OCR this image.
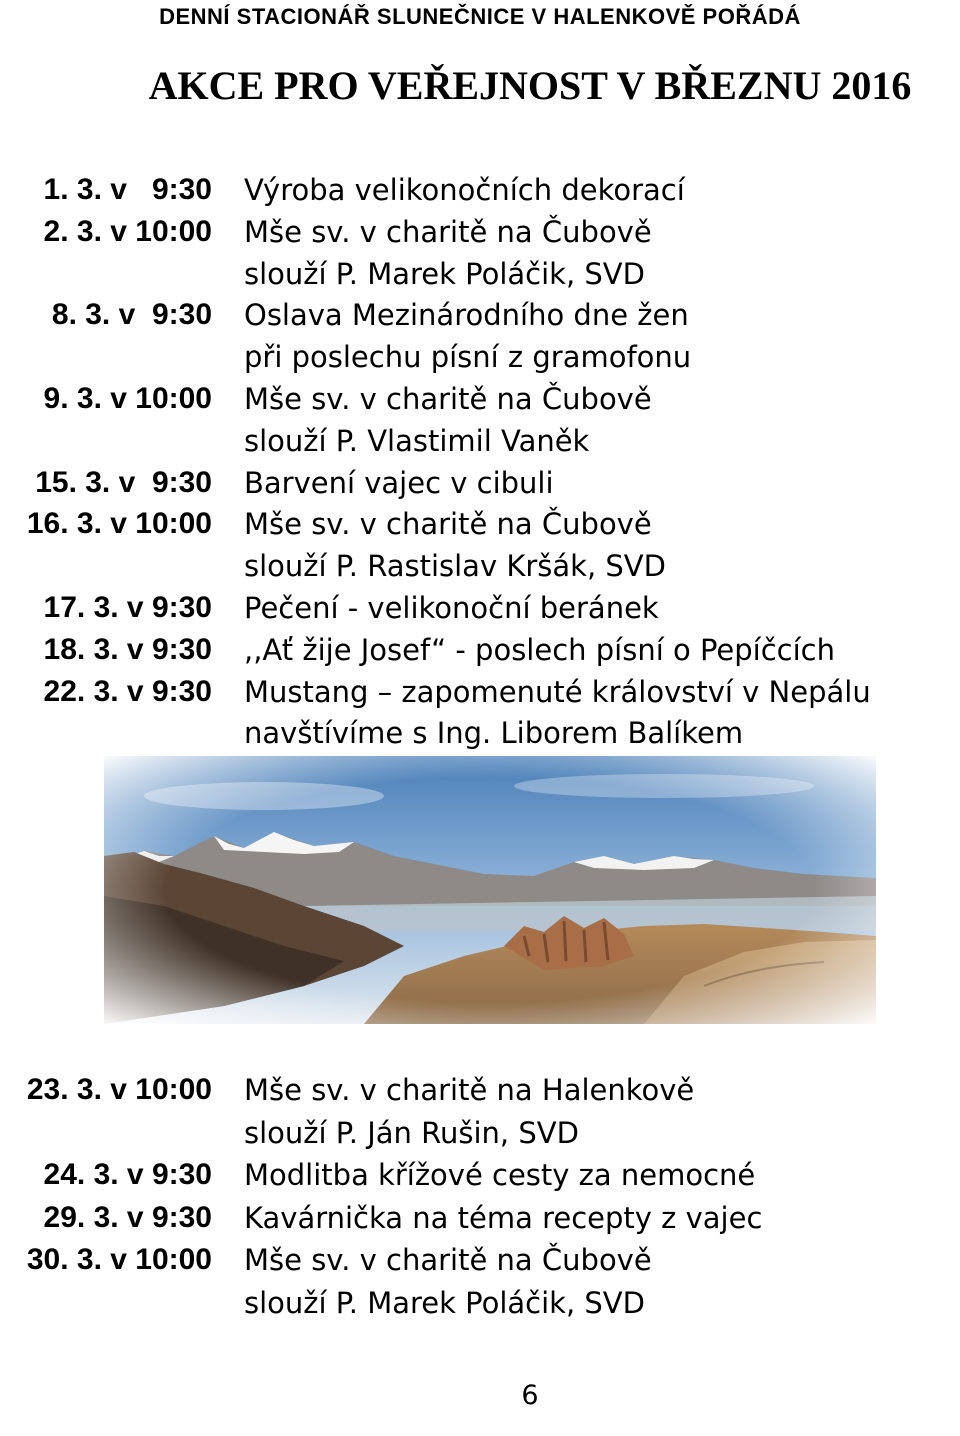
DENNÍ STACIONÁŘ SLUNEČNICE V HALENKOVĚ POŘÁDÁ
AKCE PRO VEŘEJNOST V BŘEZNU 2016
1. 3. v   9:30 Výroba velikonočních dekorací
2. 3. v 10:00 Mše sv. v charitě na Čubově
slouží P. Marek Poláčik, SVD
8. 3. v  9:30 Oslava Mezinárodního dne žen
při poslechu písní z gramofonu
9. 3. v 10:00 Mše sv. v charitě na Čubově
slouží P. Vlastimil Vaněk
15. 3. v  9:30 Barvení vajec v cibuli
16. 3. v 10:00 Mše sv. v charitě na Čubově
slouží P. Rastislav Kršák, SVD
17. 3. v 9:30 Pečení - velikonoční beránek
18. 3. v 9:30 ,,Ať žije Josef“ - poslech písní o Pepíčcích
22. 3. v 9:30 Mustang – zapomenuté království v Nepálu
navštívíme s Ing. Liborem Balíkem
23. 3. v 10:00 Mše sv. v charitě na Halenkově
slouží P. Ján Rušin, SVD
24. 3. v 9:30 Modlitba křížové cesty za nemocné
29. 3. v 9:30 Kavárnička na téma recepty z vajec
30. 3. v 10:00 Mše sv. v charitě na Čubově
slouží P. Marek Poláčik, SVD
6
